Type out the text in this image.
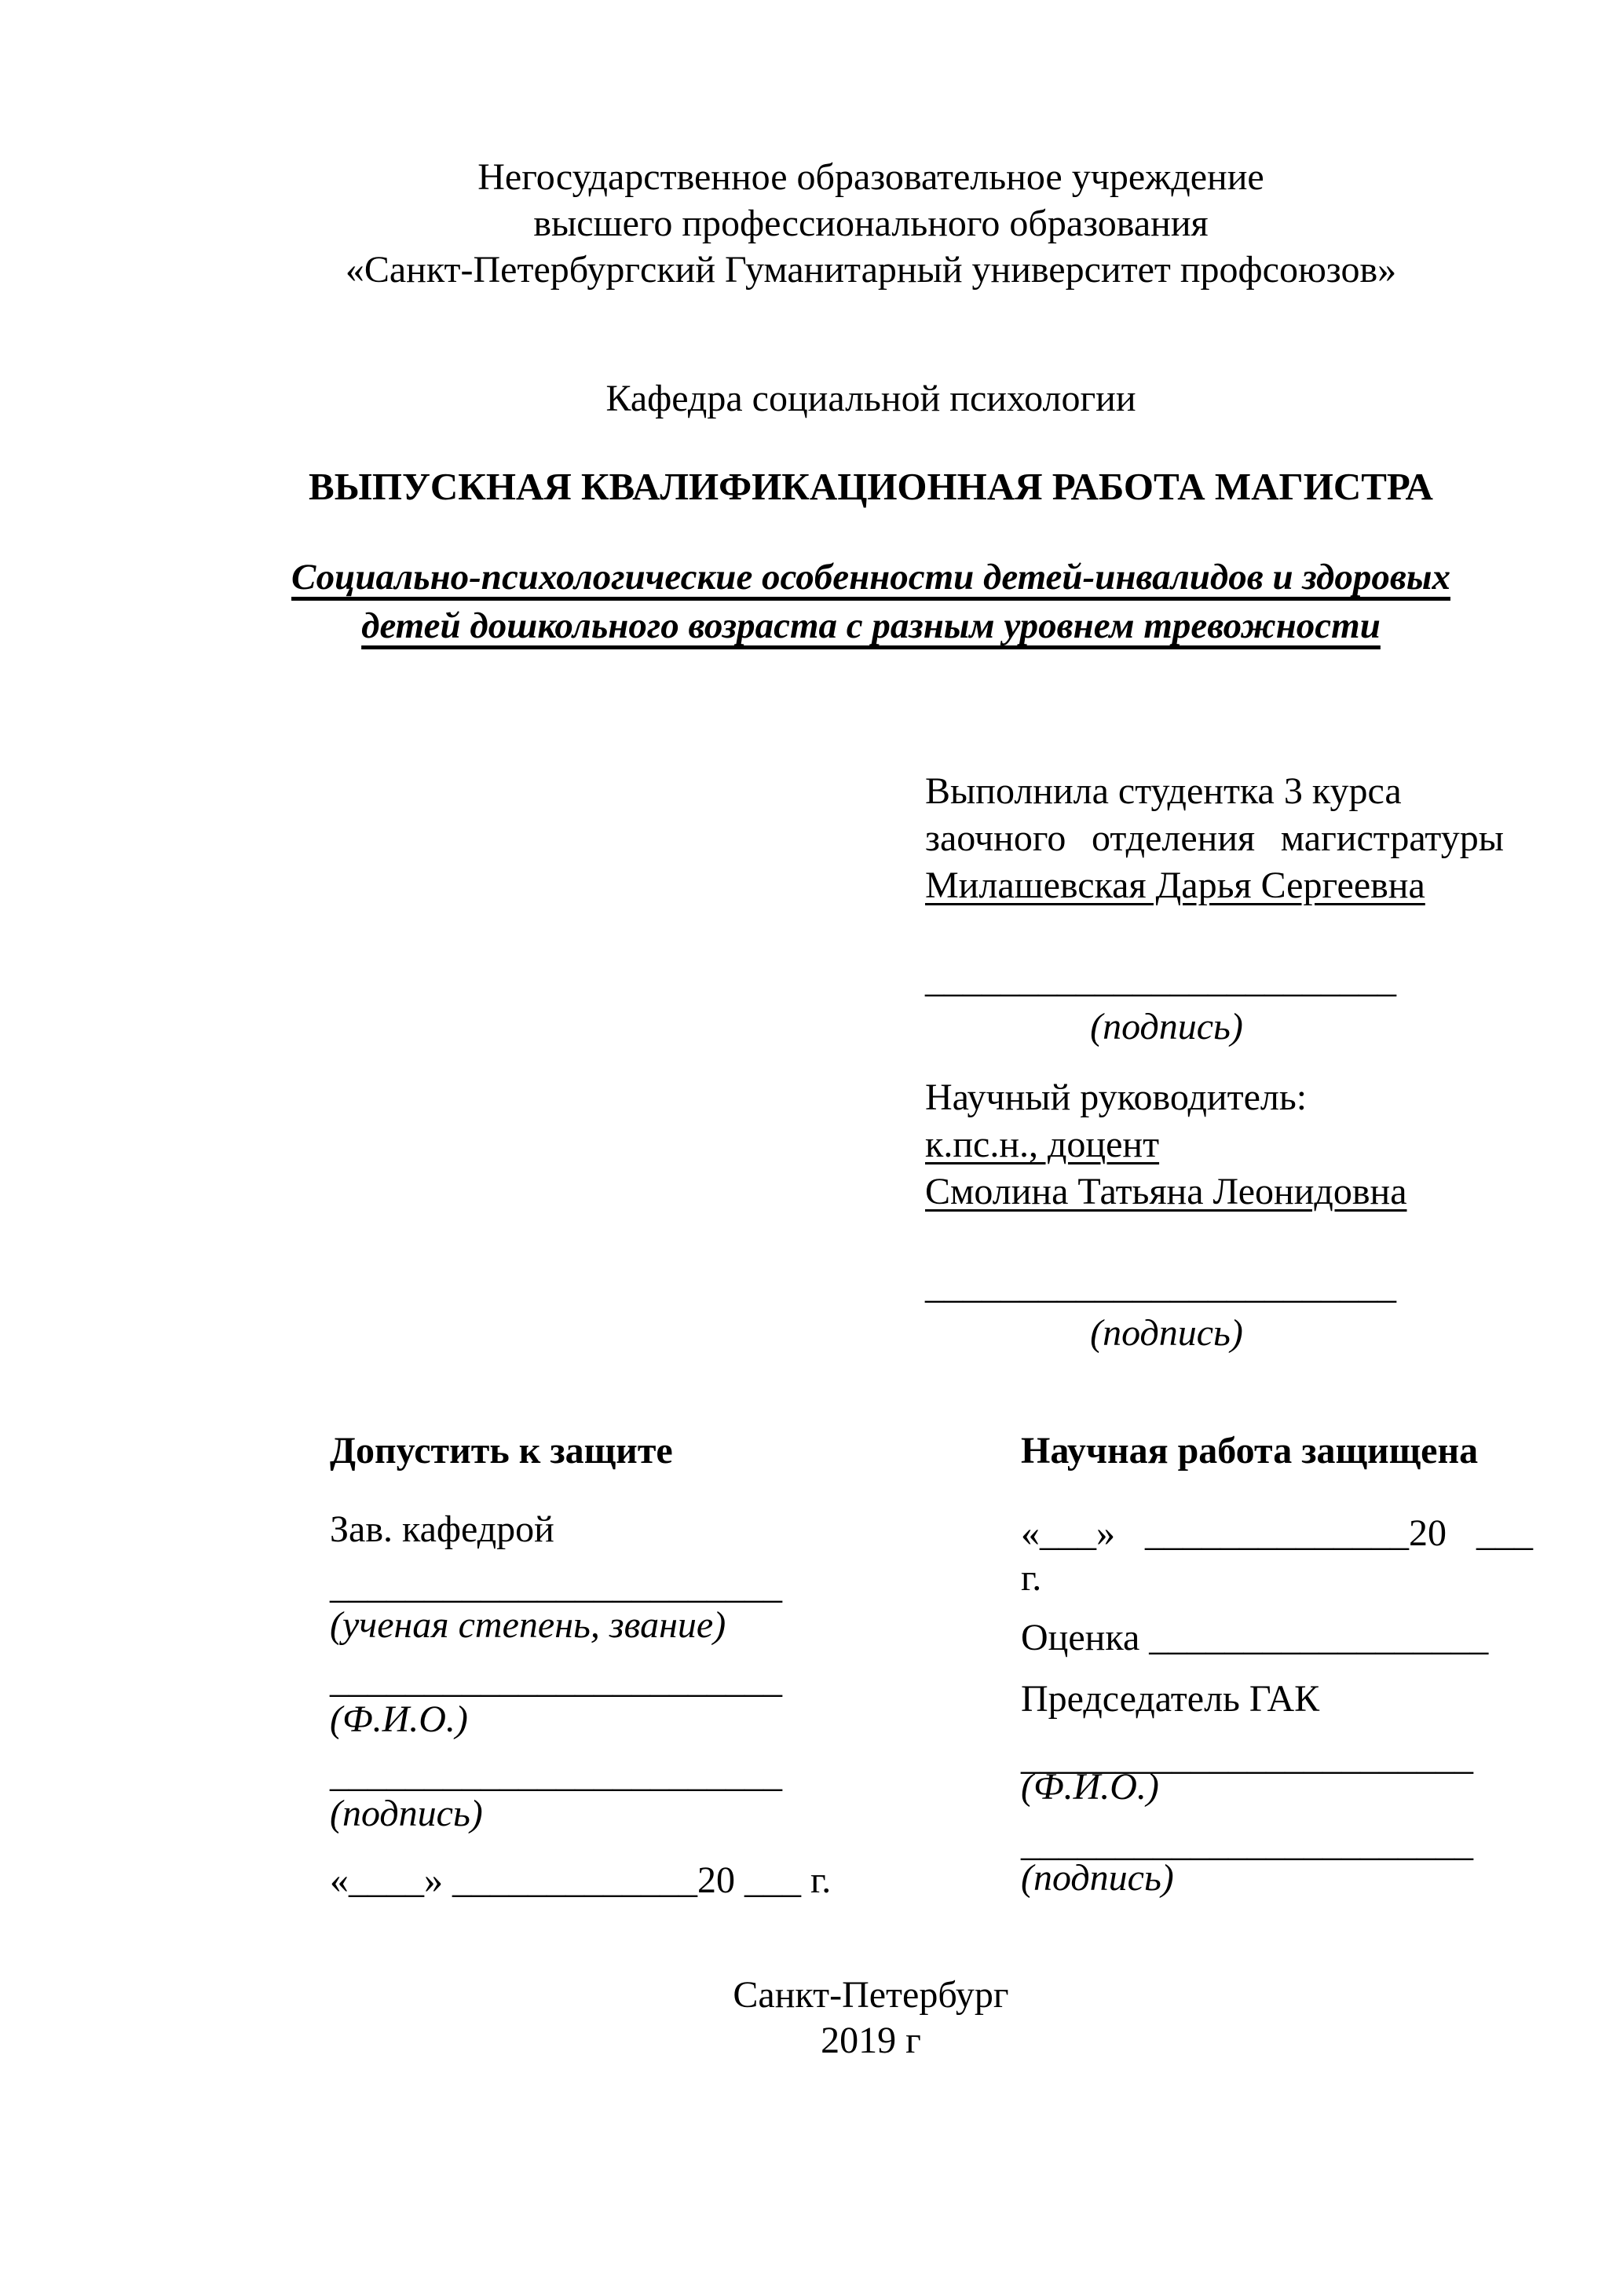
Негосударственное образовательное учреждение
высшего профессионального образования
«Санкт-Петербургский Гуманитарный университет профсоюзов»
Кафедра социальной психологии
ВЫПУСКНАЯ КВАЛИФИКАЦИОННАЯ РАБОТА МАГИСТРА
Социально-психологические особенности детей-инвалидов и здоровых
детей дошкольного возраста с разным уровнем тревожности
Выполнила студентка 3 курса
заочного отделения магистратуры
Милашевская Дарья Сергеевна
_________________________
(подпись)
Научный руководитель:
к.пс.н., доцент
Смолина Татьяна Леонидовна
_________________________
(подпись)
Допустить к защите
Зав. кафедрой
________________________
(ученая степень, звание)
________________________
(Ф.И.О.)
________________________
(подпись)
«____» _____________20 ___ г.
Научная работа защищена
«___» ______________20 ___
г.
Оценка __________________
Председатель ГАК
________________________
(Ф.И.О.)
________________________
(подпись)
Санкт-Петербург
2019 г
